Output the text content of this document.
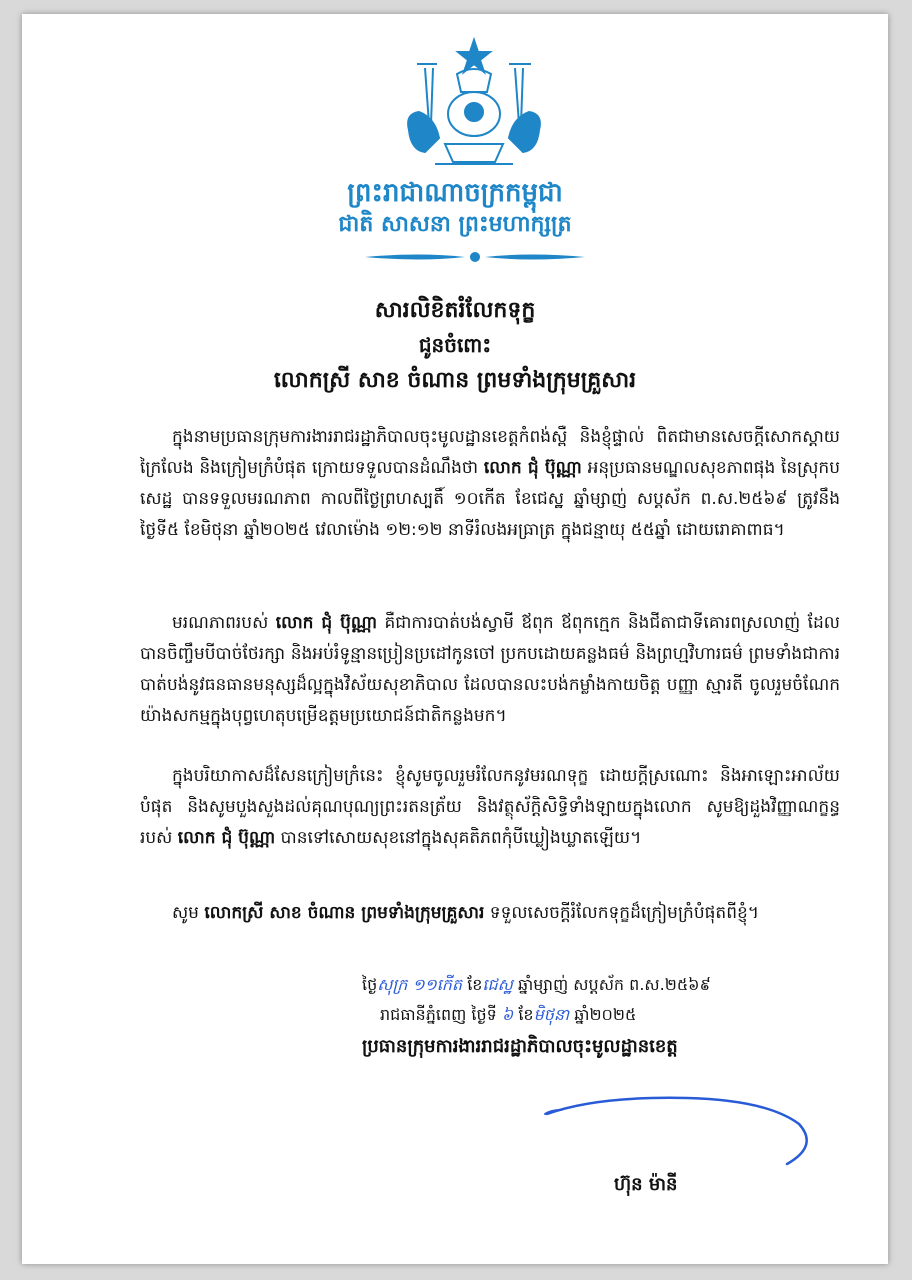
ព្រះរាជាណាចក្រកម្ពុជា
ជាតិ សាសនា ព្រះមហាក្សត្រ
សារលិខិតរំលែកទុក្ខ
ជូនចំពោះ
លោកស្រី សាខ ចំណាន ព្រមទាំងក្រុមគ្រួសារ
ក្នុងនាមប្រធានក្រុមការងាររាជរដ្ឋាភិបាលចុះមូលដ្ឋានខេត្តកំពង់ស្ពឺ និងខ្ញុំផ្ទាល់ ពិតជាមានសេចក្តីសោកស្តាយក្រៃលែង និងក្រៀមក្រំបំផុត ក្រោយទទួលបានដំណឹងថា លោក ជុំ ប៊ុណ្ណា អនុប្រធានមណ្ឌលសុខភាពផុង នៃស្រុកបសេដ្ឋ បានទទួលមរណភាព កាលពីថ្ងៃព្រហស្បតិ៍ ១០កើត ខែជេស្ឋ ឆ្នាំម្សាញ់ សប្តស័ក ព.ស.២៥៦៩ ត្រូវនឹងថ្ងៃទី៥ ខែមិថុនា ឆ្នាំ២០២៥ វេលាម៉ោង ១២:១២ នាទីរំលងអធ្រាត្រ ក្នុងជន្មាយុ ៥៥ឆ្នាំ ដោយរោគាពាធ។
មរណភាពរបស់ លោក ជុំ ប៊ុណ្ណា គឺជាការបាត់បង់ស្វាមី ឪពុក ឪពុកក្មេក និងជីតាជាទីគោរពស្រលាញ់ ដែលបានចិញ្ចឹមបីបាច់ថែរក្សា និងអប់រំទូន្មានប្រៀនប្រដៅកូនចៅ ប្រកបដោយគន្លងធម៌ និងព្រហ្មវិហារធម៌ ព្រមទាំងជាការបាត់បង់នូវធនធានមនុស្សដ៏ល្អក្នុងវិស័យសុខាភិបាល ដែលបានលះបង់កម្លាំងកាយចិត្ត បញ្ញា ស្មារតី ចូលរួមចំណែកយ៉ាងសកម្មក្នុងបុព្វហេតុបម្រើឧត្តមប្រយោជន៍ជាតិកន្លងមក។
ក្នុងបរិយាកាសដ៏សែនក្រៀមក្រំនេះ ខ្ញុំសូមចូលរួមរំលែកនូវមរណទុក្ខ ដោយក្តីស្រណោះ និងអាឡោះអាល័យបំផុត និងសូមបួងសួងដល់គុណបុណ្យព្រះរតនត្រ័យ និងវត្ថុស័ក្តិសិទ្ធិទាំងឡាយក្នុងលោក សូមឱ្យដួងវិញ្ញាណក្ខន្ធរបស់ លោក ជុំ ប៊ុណ្ណា បានទៅសោយសុខនៅក្នុងសុគតិភពកុំបីឃ្លៀងឃ្លាតឡើយ។
សូម លោកស្រី សាខ ចំណាន ព្រមទាំងក្រុមគ្រួសារ ទទួលសេចក្តីរំលែកទុក្ខដ៏ក្រៀមក្រំបំផុតពីខ្ញុំ។
ថ្ងៃសុក្រ ១១កើត ខែជេស្ឋ ឆ្នាំម្សាញ់ សប្តស័ក ព.ស.២៥៦៩
រាជធានីភ្នំពេញ ថ្ងៃទី ៦ ខែមិថុនា ឆ្នាំ២០២៥
ប្រធានក្រុមការងាររាជរដ្ឋាភិបាលចុះមូលដ្ឋានខេត្ត
ហ៊ុន ម៉ានី
